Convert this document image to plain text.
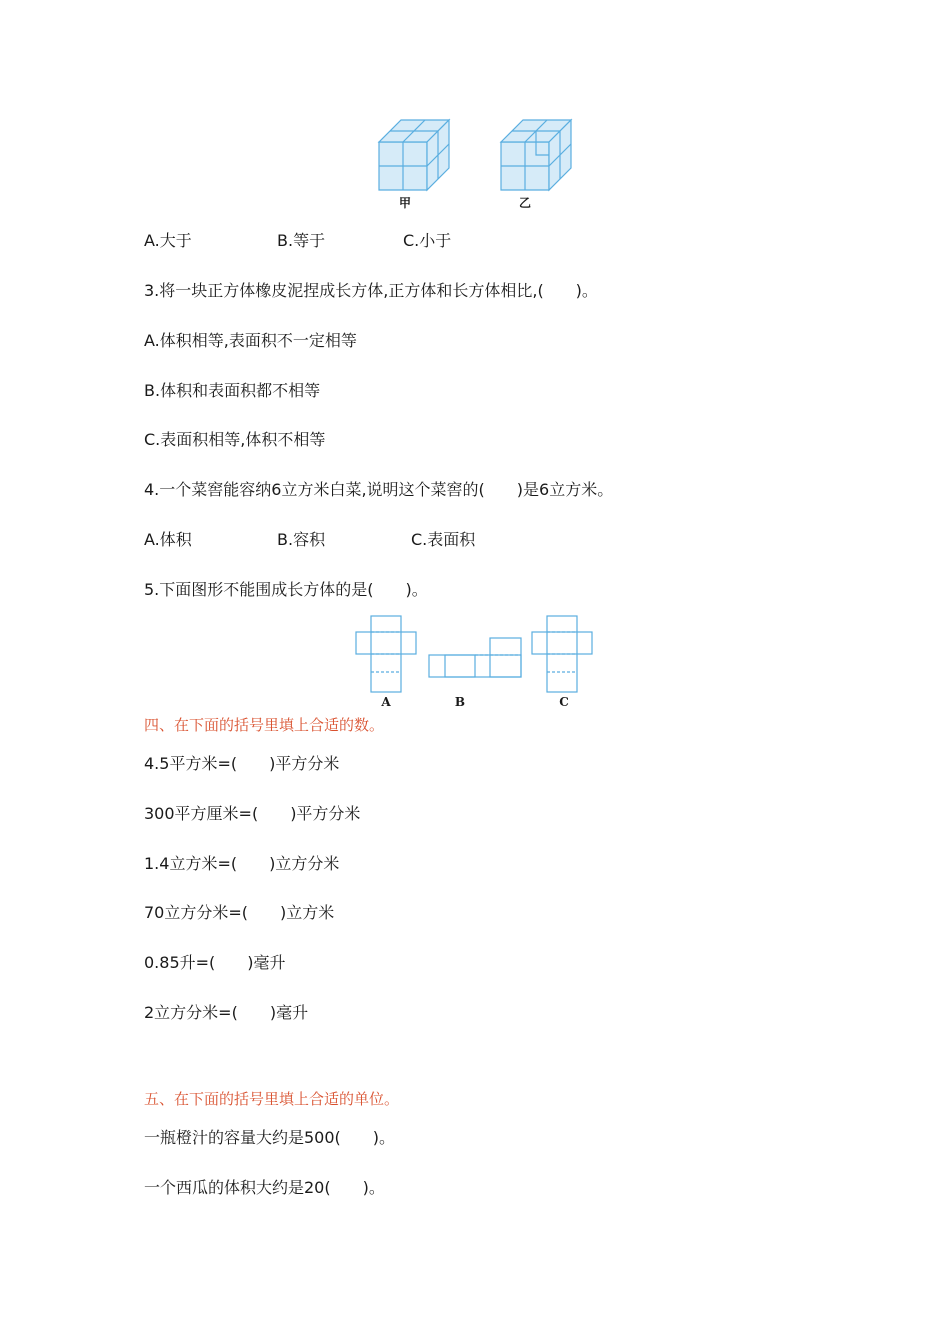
甲	乙
A.大于	B.等于	C.小于
3.将一块正方体橡皮泥捏成长方体,正方体和长方体相比,(　　)。
A.体积相等,表面积不一定相等
B.体积和表面积都不相等
C.表面积相等,体积不相等
4.一个菜窖能容纳6立方米白菜,说明这个菜窖的(　　)是6立方米。
A.体积	B.容积	C.表面积
5.下面图形不能围成长方体的是(　　)。
A	B	C
四、在下面的括号里填上合适的数。
4.5平方米=(　　)平方分米
300平方厘米=(　　)平方分米
1.4立方米=(　　)立方分米
70立方分米=(　　)立方米
0.85升=(　　)毫升
2立方分米=(　　)毫升
五、在下面的括号里填上合适的单位。
一瓶橙汁的容量大约是500(　　)。
一个西瓜的体积大约是20(　　)。
